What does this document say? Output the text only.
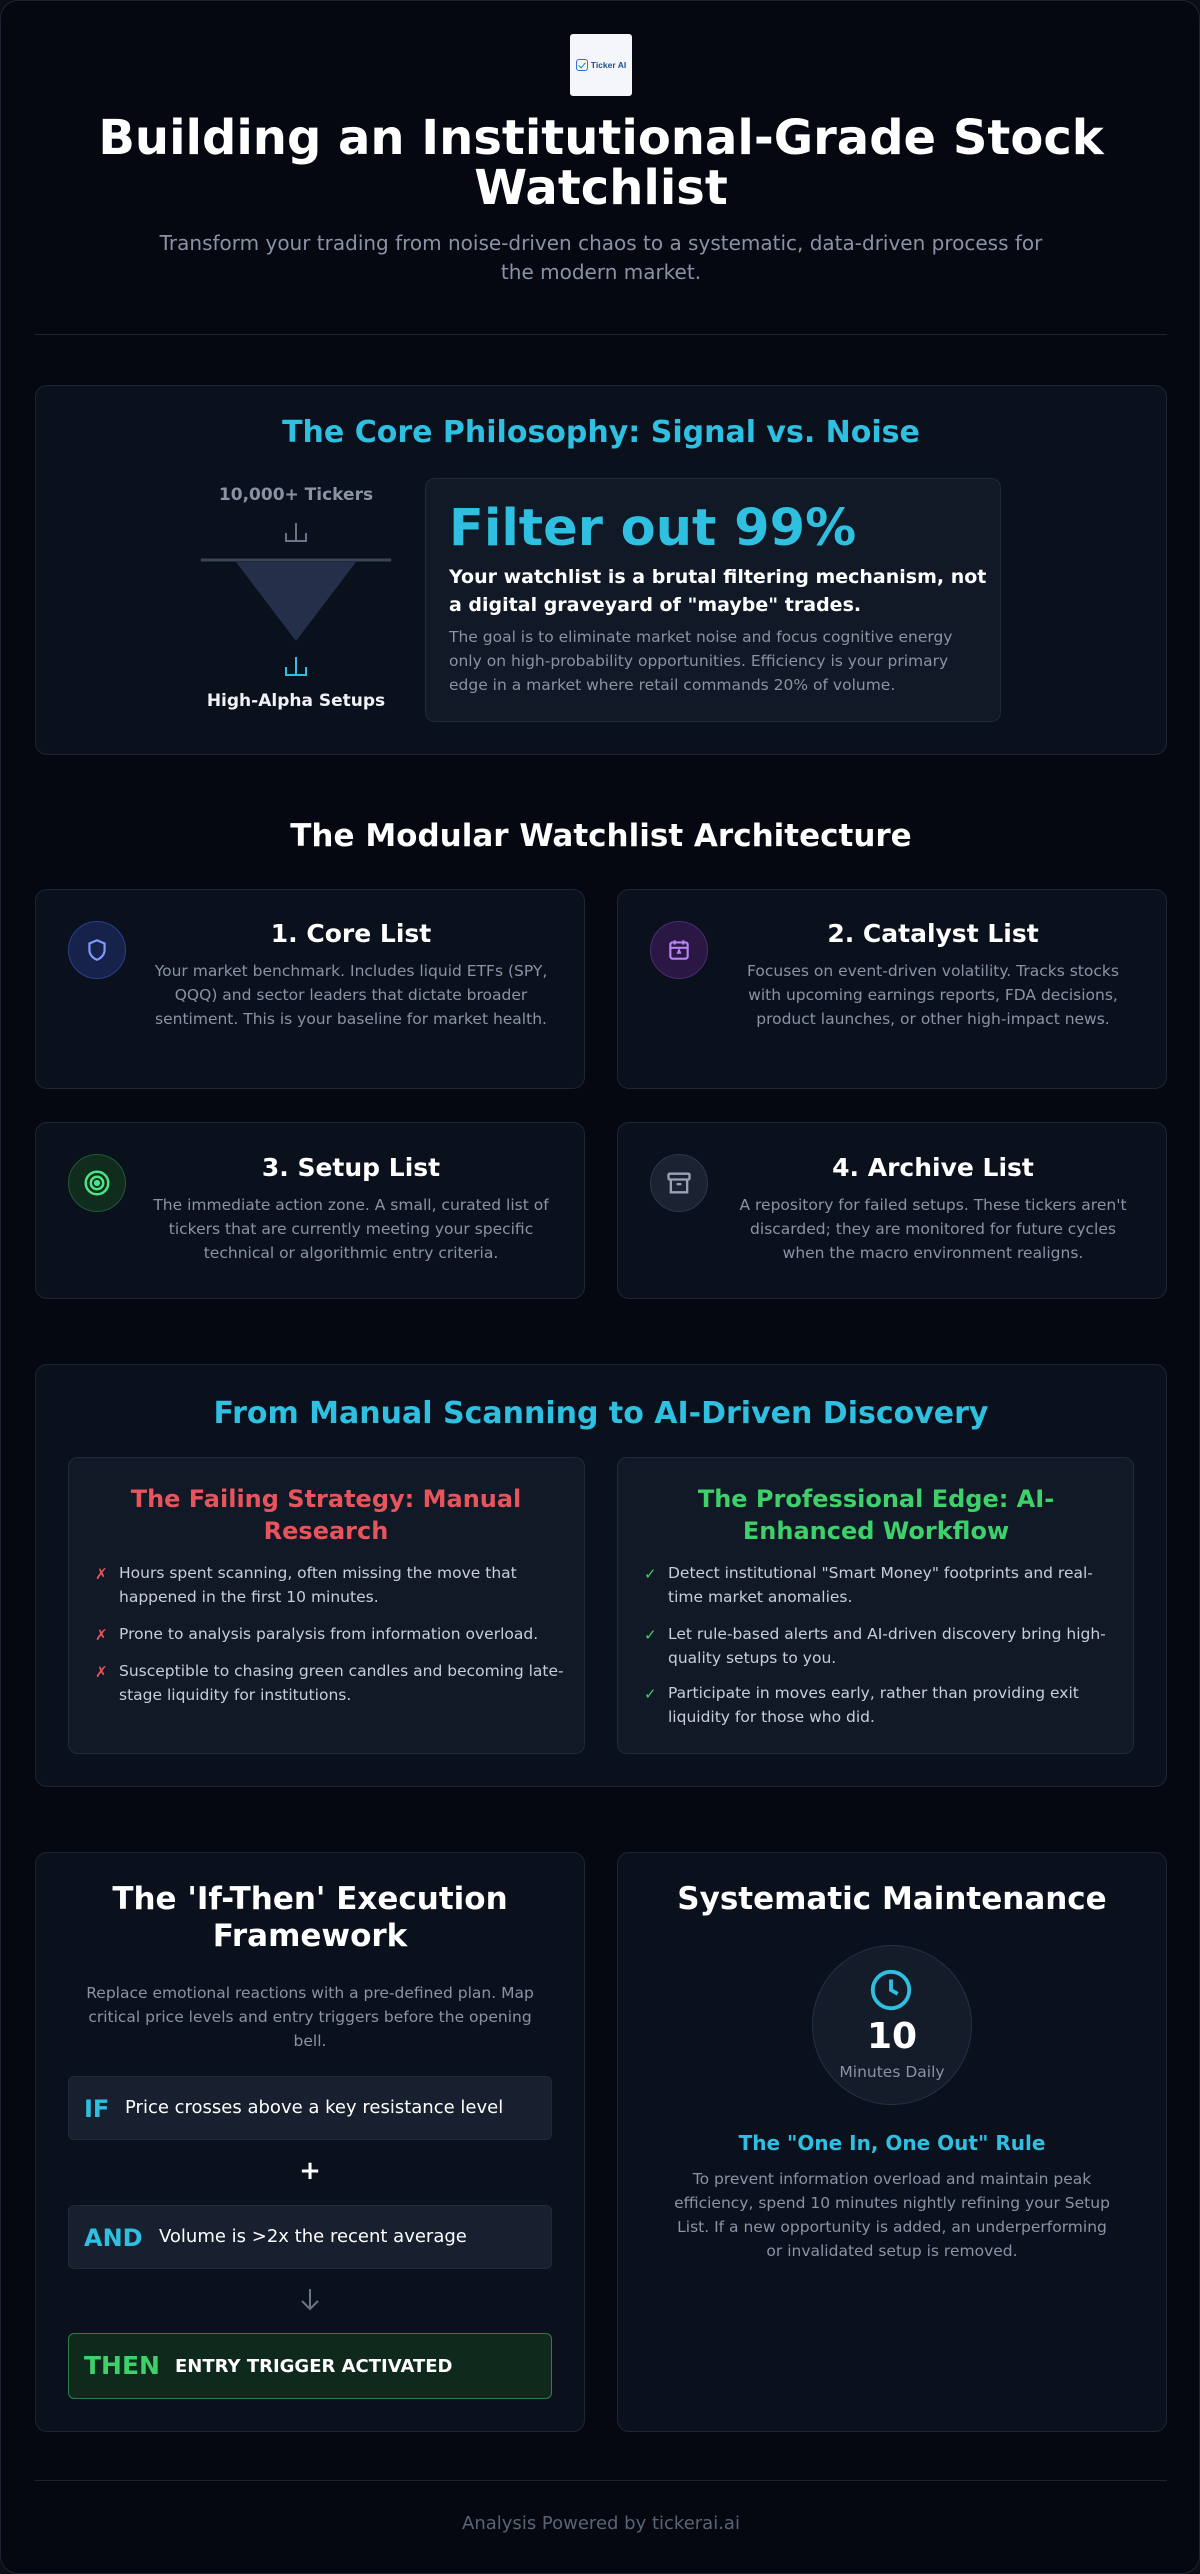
Ticker AI
Building an Institutional-Grade Stock Watchlist

Transform your trading from noise-driven chaos to a systematic, data-driven process for the modern market.

The Core Philosophy: Signal vs. Noise
10,000+ Tickers
High-Alpha Setups
Filter out 99%
Your watchlist is a brutal filtering mechanism, not a digital graveyard of "maybe" trades.
The goal is to eliminate market noise and focus cognitive energy only on high-probability opportunities. Efficiency is your primary edge in a market where retail commands 20% of volume.
The Modular Watchlist Architecture
1. Core List
Your market benchmark. Includes liquid ETFs (SPY, QQQ) and sector leaders that dictate broader sentiment. This is your baseline for market health.
2. Catalyst List
Focuses on event-driven volatility. Tracks stocks with upcoming earnings reports, FDA decisions, product launches, or other high-impact news.
3. Setup List
The immediate action zone. A small, curated list of tickers that are currently meeting your specific technical or algorithmic entry criteria.
4. Archive List
A repository for failed setups. These tickers aren't discarded; they are monitored for future cycles when the macro environment realigns.
From Manual Scanning to AI-Driven Discovery
The Failing Strategy: Manual Research
✗ Hours spent scanning, often missing the move that happened in the first 10 minutes.
✗ Prone to analysis paralysis from information overload.
✗ Susceptible to chasing green candles and becoming late-stage liquidity for institutions.
The Professional Edge: AI-Enhanced Workflow
✓ Detect institutional "Smart Money" footprints and real-time market anomalies.
✓ Let rule-based alerts and AI-driven discovery bring high-quality setups to you.
✓ Participate in moves early, rather than providing exit liquidity for those who did.
The 'If-Then' Execution Framework
Replace emotional reactions with a pre-defined plan. Map critical price levels and entry triggers before the opening bell.
IF Price crosses above a key resistance level
+
AND Volume is >2x the recent average
THEN ENTRY TRIGGER ACTIVATED
Systematic Maintenance
10
Minutes Daily
The "One In, One Out" Rule
To prevent information overload and maintain peak efficiency, spend 10 minutes nightly refining your Setup List. If a new opportunity is added, an underperforming or invalidated setup is removed.
Analysis Powered by tickerai.ai
